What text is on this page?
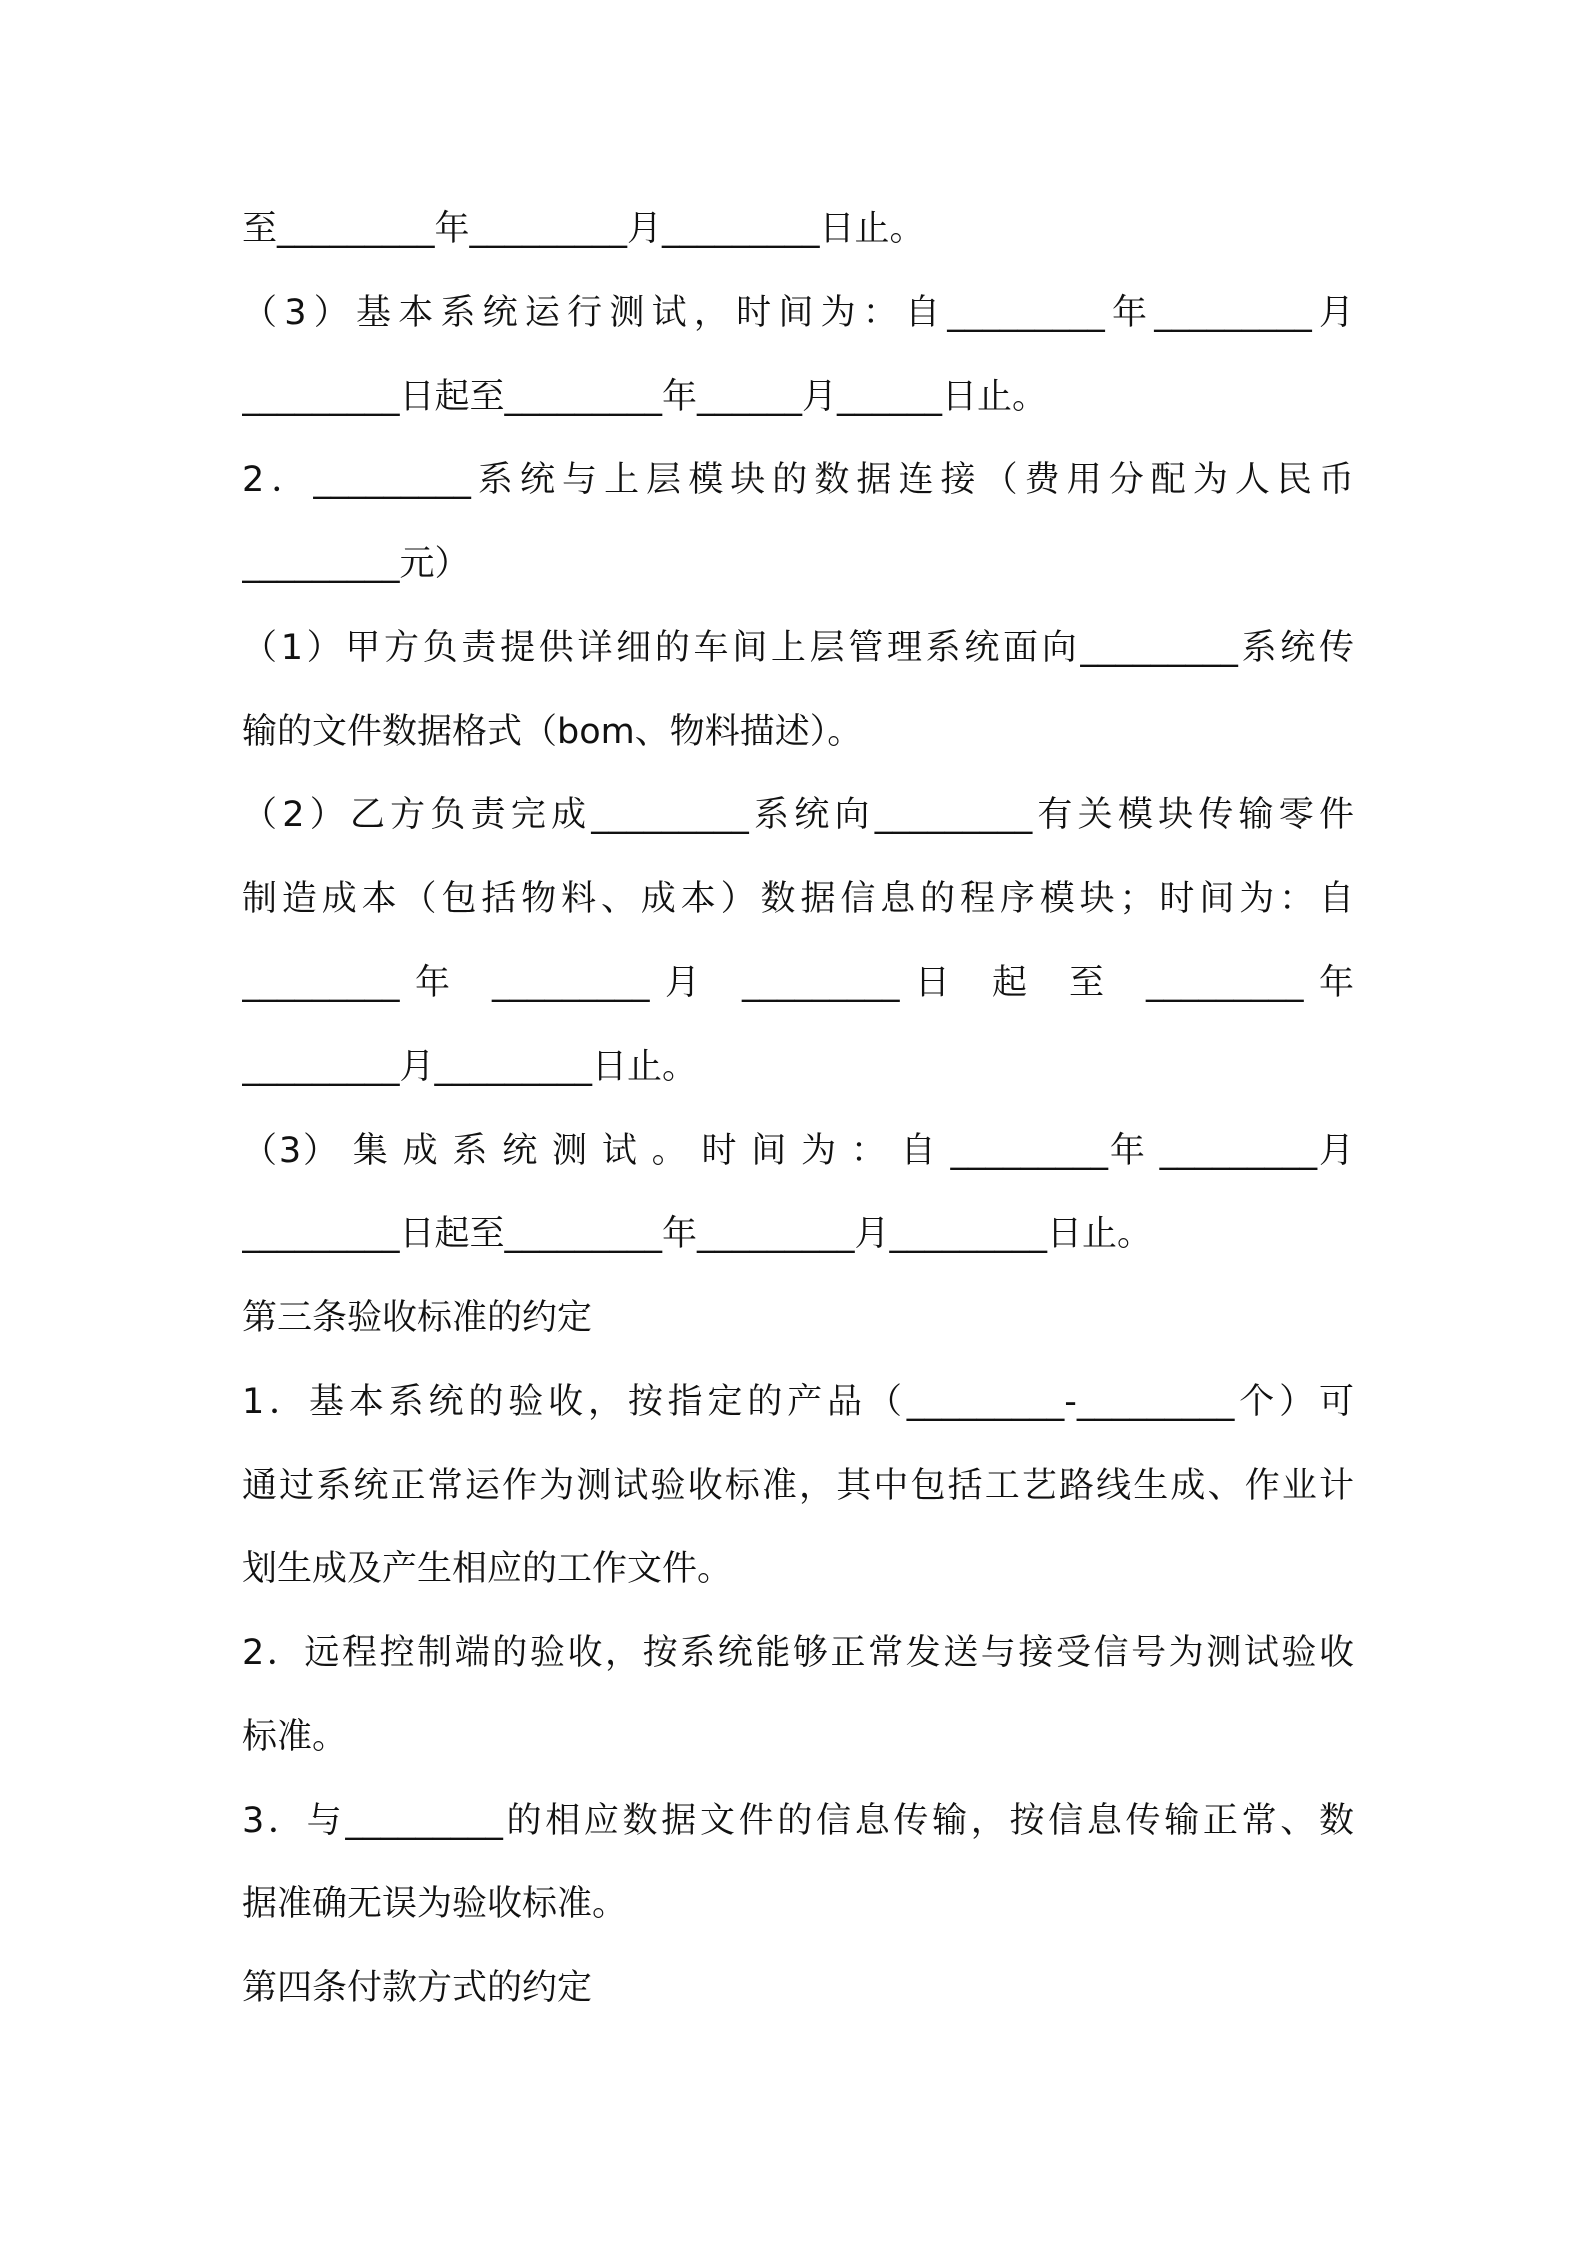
至_________年_________月_________日止。
（3）基本系统运行测试，时间为：自_________年_________月
_________日起至_________年______月______日止。
2．_________系统与上层模块的数据连接（费用分配为人民币
_________元）
（1）甲方负责提供详细的车间上层管理系统面向_________系统传
输的文件数据格式（bom、物料描述）。
（2）乙方负责完成_________系统向_________有关模块传输零件
制造成本（包括物料、成本）数据信息的程序模块；时间为：自
_________年 _________月 _________日 起 至 _________年
_________月_________日止。
（3） 集 成 系 统 测 试 。 时 间 为 ： 自 _________年 _________月
_________日起至_________年_________月_________日止。
第三条验收标准的约定
1．基本系统的验收，按指定的产品（_________-_________个）可
通过系统正常运作为测试验收标准，其中包括工艺路线生成、作业计
划生成及产生相应的工作文件。
2．远程控制端的验收，按系统能够正常发送与接受信号为测试验收
标准。
3．与_________的相应数据文件的信息传输，按信息传输正常、数
据准确无误为验收标准。
第四条付款方式的约定
